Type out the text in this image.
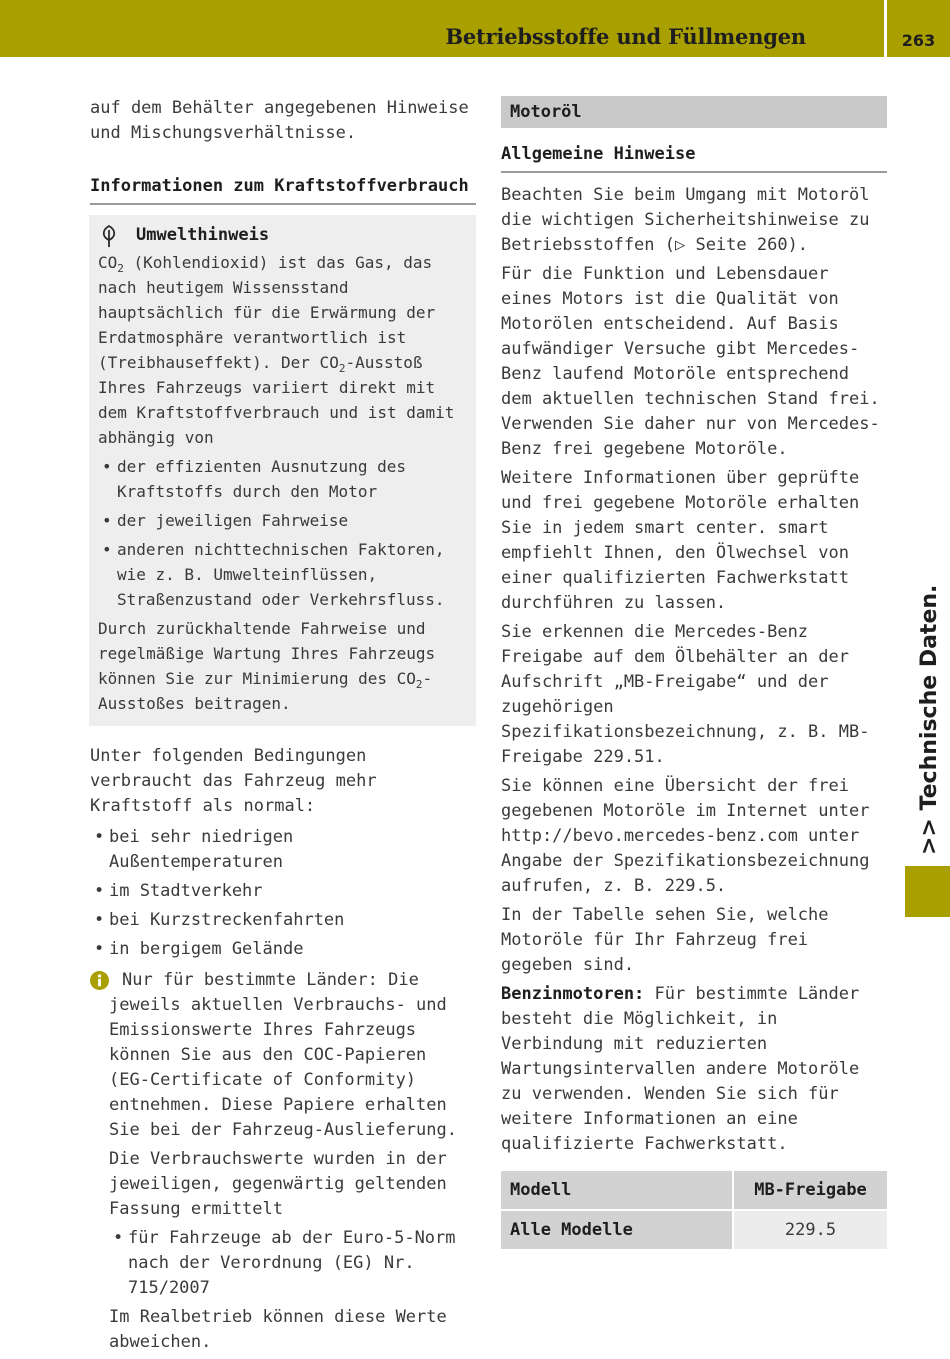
Betriebsstoffe und Füllmengen	263
>> Technische Daten.

auf dem Behälter angegebenen Hinweise und Mischungsverhältnisse.

Informationen zum Kraftstoffverbrauch
Umwelthinweis

$CO_2$ (Kohlendioxid) ist das Gas, das nach heutigem Wissensstand hauptsächlich für die Erwärmung der Erdatmosphäre verantwortlich ist (Treibhauseffekt). Der $CO_2$-Ausstoß Ihres Fahrzeugs variiert direkt mit dem Kraftstoffverbrauch und ist damit abhängig von

• der effizienten Ausnutzung des Kraftstoffs durch den Motor
• der jeweiligen Fahrweise
• anderen nichttechnischen Faktoren, wie z. B. Umwelteinflüssen, Straßenzustand oder Verkehrsfluss.

Durch zurückhaltende Fahrweise und regelmäßige Wartung Ihres Fahrzeugs können Sie zur Minimierung des $CO_2$-Ausstoßes beitragen.

Unter folgenden Bedingungen verbraucht das Fahrzeug mehr Kraftstoff als normal:

• bei sehr niedrigen Außentemperaturen
• im Stadtverkehr
• bei Kurzstreckenfahrten
• in bergigem Gelände

Nur für bestimmte Länder: Die jeweils aktuellen Verbrauchs- und Emissionswerte Ihres Fahrzeugs können Sie aus den COC-Papieren (EG-Certificate of Conformity) entnehmen. Diese Papiere erhalten Sie bei der Fahrzeug-Auslieferung.

Die Verbrauchswerte wurden in der jeweiligen, gegenwärtig geltenden Fassung ermittelt

• für Fahrzeuge ab der Euro-5-Norm nach der Verordnung (EG) Nr. 715/2007

Im Realbetrieb können diese Werte abweichen.

Motoröl
Allgemeine Hinweise

Beachten Sie beim Umgang mit Motoröl die wichtigen Sicherheitshinweise zu Betriebsstoffen (▷ Seite 260).

Für die Funktion und Lebensdauer eines Motors ist die Qualität von Motorölen entscheidend. Auf Basis aufwändiger Versuche gibt Mercedes-Benz laufend Motoröle entsprechend dem aktuellen technischen Stand frei. Verwenden Sie daher nur von Mercedes-Benz frei gegebene Motoröle.

Weitere Informationen über geprüfte und frei gegebene Motoröle erhalten Sie in jedem smart center. smart empfiehlt Ihnen, den Ölwechsel von einer qualifizierten Fachwerkstatt durchführen zu lassen.

Sie erkennen die Mercedes-Benz Freigabe auf dem Ölbehälter an der Aufschrift „MB-Freigabe“ und der zugehörigen Spezifikationsbezeichnung, z. B. MB-Freigabe 229.51.

Sie können eine Übersicht der frei gegebenen Motoröle im Internet unter http://bevo.mercedes-benz.com unter Angabe der Spezifikationsbezeichnung aufrufen, z. B. 229.5.

In der Tabelle sehen Sie, welche Motoröle für Ihr Fahrzeug frei gegeben sind.

Benzinmotoren: Für bestimmte Länder besteht die Möglichkeit, in Verbindung mit reduzierten Wartungsintervallen andere Motoröle zu verwenden. Wenden Sie sich für weitere Informationen an eine qualifizierte Fachwerkstatt.

Modell	MB-Freigabe
Alle Modelle	229.5
